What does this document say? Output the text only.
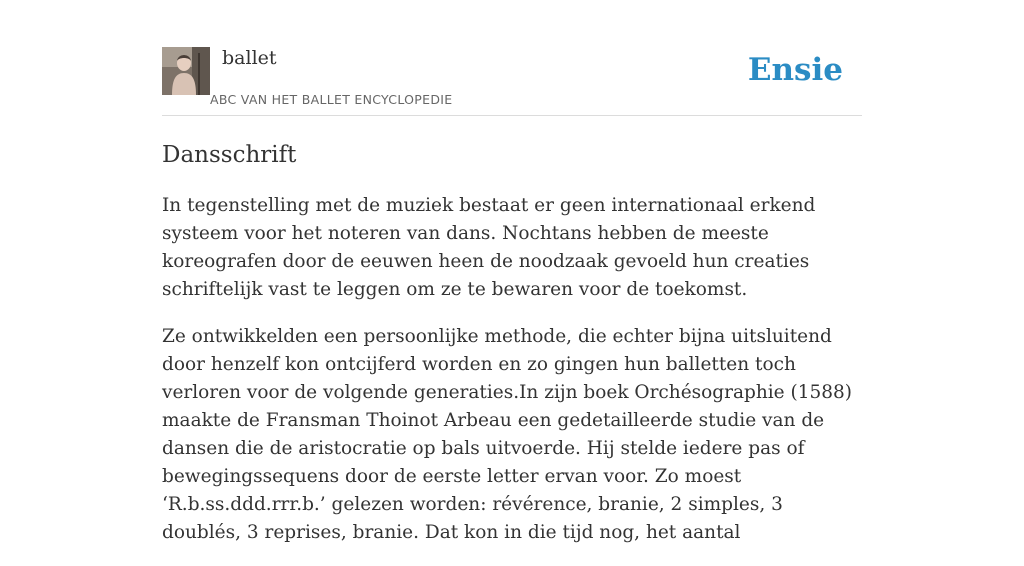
ballet
ABC VAN HET BALLET ENCYCLOPEDIE
Ensie
Dansschrift

In tegenstelling met de muziek bestaat er geen internationaal erkend systeem voor het noteren van dans. Nochtans hebben de meeste koreografen door de eeuwen heen de noodzaak gevoeld hun creaties schriftelijk vast te leggen om ze te bewaren voor de toekomst.

Ze ontwikkelden een persoonlijke methode, die echter bijna uitsluitend door henzelf kon ontcijferd worden en zo gingen hun balletten toch verloren voor de volgende generaties.In zijn boek Orchésographie (1588) maakte de Fransman Thoinot Arbeau een gedetailleerde studie van de dansen die de aristocratie op bals uitvoerde. Hij stelde iedere pas of bewegingssequens door de eerste letter ervan voor. Zo moest ‘R.b.ss.ddd.rrr.b.’ gelezen worden: révérence, branie, 2 simples, 3 doublés, 3 reprises, branie. Dat kon in die tijd nog, het aantal
